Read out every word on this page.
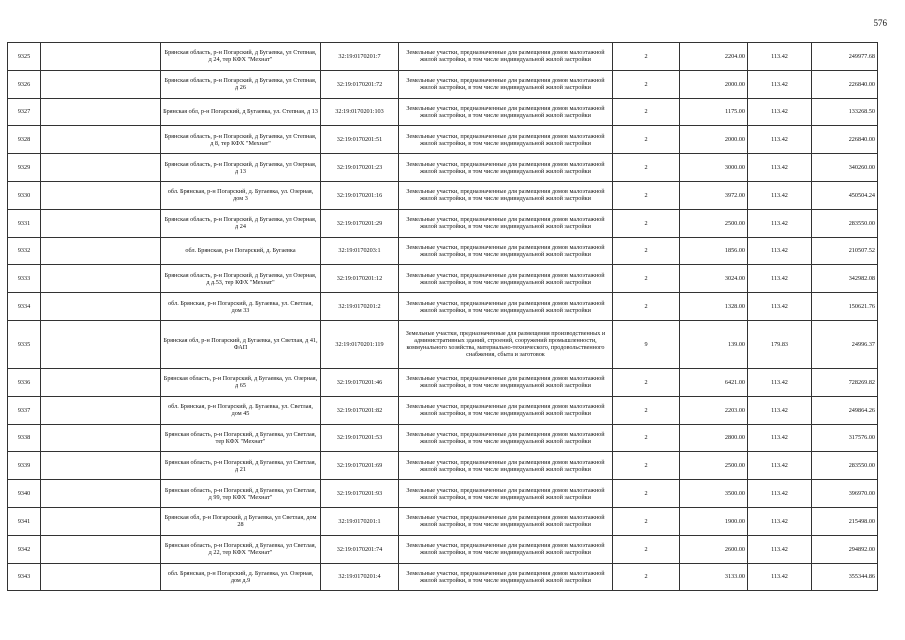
576
9325		Брянская область, р-н Погарский, д Бугаевка, ул Степная, д 24, тер КФХ "Мехнат"	32:19:0170201:7	Земельные участки, предназначенные для размещения домов малоэтажной жилой застройки, в том числе индивидуальной жилой застройки	2	2204.00	113.42	249977.68
9326		Брянская область, р-н Погарский, д Бугаевка, ул Степная, д 26	32:19:0170201:72	Земельные участки, предназначенные для размещения домов малоэтажной жилой застройки, в том числе индивидуальной жилой застройки	2	2000.00	113.42	226840.00
9327		Брянская обл, р-н Погарский, д Бугаевка, ул. Степная, д 13	32:19:0170201:103	Земельные участки, предназначенные для размещения домов малоэтажной жилой застройки, в том числе индивидуальной жилой застройки	2	1175.00	113.42	133268.50
9328		Брянская область, р-н Погарский, д Бугаевка, ул Степная, д 8, тер КФХ "Мехнат"	32:19:0170201:51	Земельные участки, предназначенные для размещения домов малоэтажной жилой застройки, в том числе индивидуальной жилой застройки	2	2000.00	113.42	226840.00
9329		Брянская область, р-н Погарский, д Бугаевка, ул Озерная, д 13	32:19:0170201:23	Земельные участки, предназначенные для размещения домов малоэтажной жилой застройки, в том числе индивидуальной жилой застройки	2	3000.00	113.42	340260.00
9330		обл. Брянская, р-н Погарский, д. Бугаевка, ул. Озерная, дом 3	32:19:0170201:16	Земельные участки, предназначенные для размещения домов малоэтажной жилой застройки, в том числе индивидуальной жилой застройки	2	3972.00	113.42	450504.24
9331		Брянская область, р-н Погарский, д Бугаевка, ул Озерная, д 24	32:19:0170201:29	Земельные участки, предназначенные для размещения домов малоэтажной жилой застройки, в том числе индивидуальной жилой застройки	2	2500.00	113.42	283550.00
9332		обл. Брянская, р-н Погарский, д. Бугаевка	32:19:0170203:1	Земельные участки, предназначенные для размещения домов малоэтажной жилой застройки, в том числе индивидуальной жилой застройки	2	1856.00	113.42	210507.52
9333		Брянская область, р-н Погарский, д Бугаевка, ул Озерная, д д.53, тер КФХ "Мехнат"	32:19:0170201:12	Земельные участки, предназначенные для размещения домов малоэтажной жилой застройки, в том числе индивидуальной жилой застройки	2	3024.00	113.42	342982.08
9334		обл. Брянская, р-н Погарский, д. Бугаевка, ул. Светлая, дом 33	32:19:0170201:2	Земельные участки, предназначенные для размещения домов малоэтажной жилой застройки, в том числе индивидуальной жилой застройки	2	1328.00	113.42	150621.76
9335		Брянская обл, р-н Погарский, д Бугаевка, ул Светлая, д 41, ФАП	32:19:0170201:119	Земельные участки, предназначенные для размещения производственных и административных зданий, строений, сооружений промышленности, коммунального хозяйства, материально-технического, продовольственного снабжения, сбыта и заготовок	9	139.00	179.83	24996.37
9336		Брянская область, р-н Погарский, д Бугаевка, ул. Озерная, д 65	32:19:0170201:46	Земельные участки, предназначенные для размещения домов малоэтажной жилой застройки, в том числе индивидуальной жилой застройки	2	6421.00	113.42	728269.82
9337		обл. Брянская, р-н Погарский, д. Бугаевка, ул. Светлая, дом 45	32:19:0170201:82	Земельные участки, предназначенные для размещения домов малоэтажной жилой застройки, в том числе индивидуальной жилой застройки	2	2203.00	113.42	249864.26
9338		Брянская область, р-н Погарский, д Бугаевка, ул Светлая, тер КФХ "Мехнат"	32:19:0170201:53	Земельные участки, предназначенные для размещения домов малоэтажной жилой застройки, в том числе индивидуальной жилой застройки	2	2800.00	113.42	317576.00
9339		Брянская область, р-н Погарский, д Бугаевка, ул Светлая, д 21	32:19:0170201:69	Земельные участки, предназначенные для размещения домов малоэтажной жилой застройки, в том числе индивидуальной жилой застройки	2	2500.00	113.42	283550.00
9340		Брянская область, р-н Погарский, д Бугаевка, ул Светлая, д 99, тер КФХ "Мехнат"	32:19:0170201:93	Земельные участки, предназначенные для размещения домов малоэтажной жилой застройки, в том числе индивидуальной жилой застройки	2	3500.00	113.42	396970.00
9341		Брянская обл, р-н Погарский, д Бугаевка, ул Светлая, дом 28	32:19:0170201:1	Земельные участки, предназначенные для размещения домов малоэтажной жилой застройки, в том числе индивидуальной жилой застройки	2	1900.00	113.42	215498.00
9342		Брянская область, р-н Погарский, д Бугаевка, ул Светлая, д 22, тер КФХ "Мехнат"	32:19:0170201:74	Земельные участки, предназначенные для размещения домов малоэтажной жилой застройки, в том числе индивидуальной жилой застройки	2	2600.00	113.42	294892.00
9343		обл. Брянская, р-н Погарский, д. Бугаевка, ул. Озерная, дом д.9	32:19:0170201:4	Земельные участки, предназначенные для размещения домов малоэтажной жилой застройки, в том числе индивидуальной жилой застройки	2	3133.00	113.42	355344.86
